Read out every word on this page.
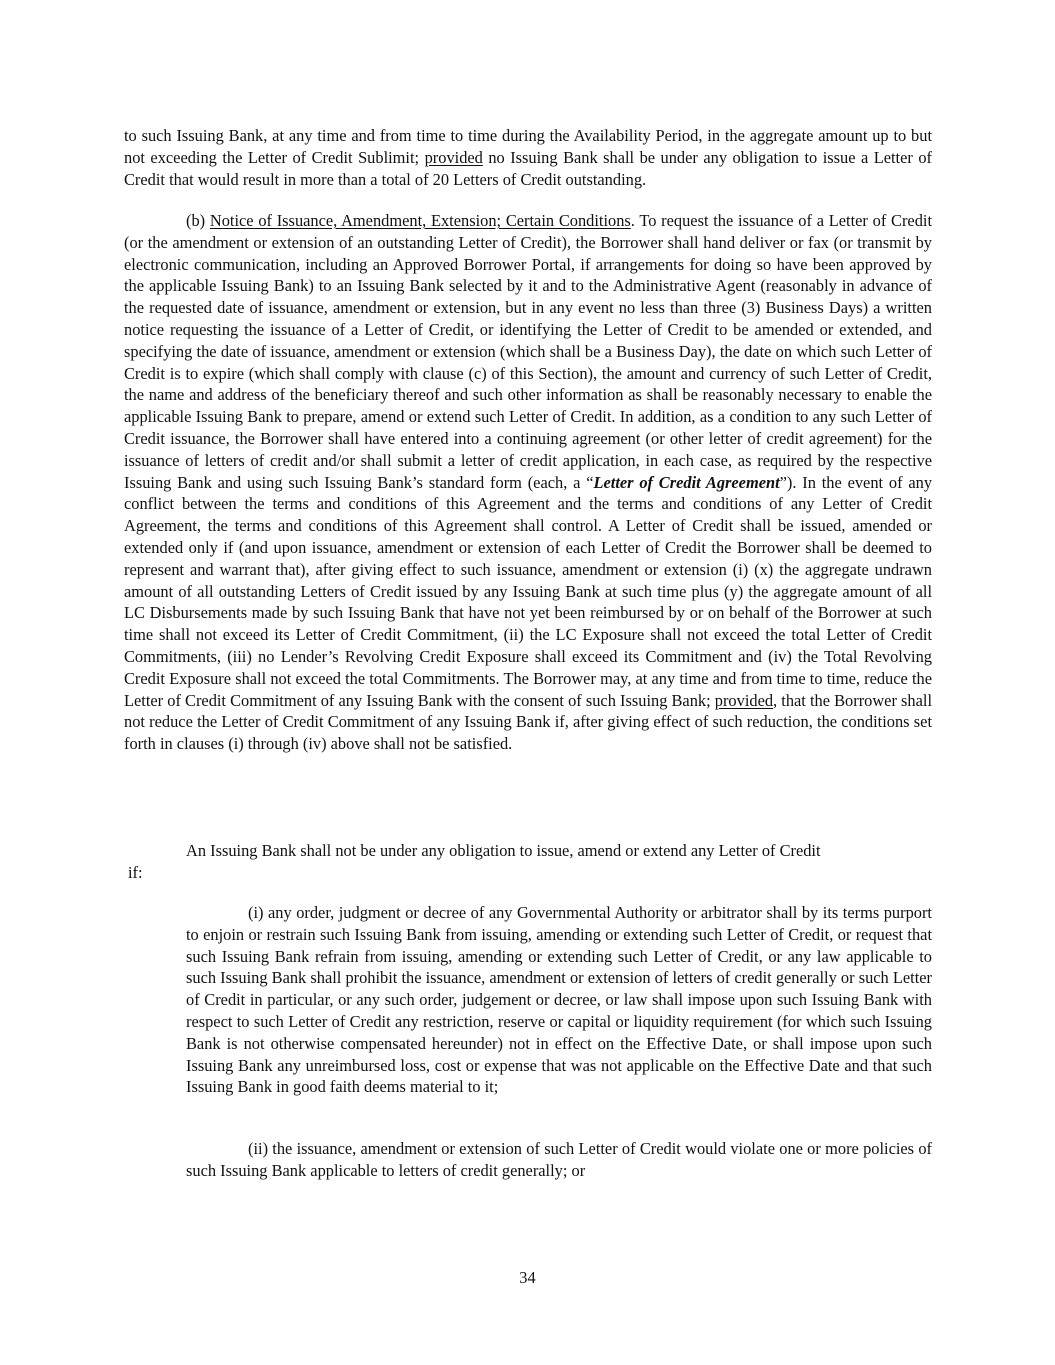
to such Issuing Bank, at any time and from time to time during the Availability Period, in the aggregate amount up to but not exceeding the Letter of Credit Sublimit; provided no Issuing Bank shall be under any obligation to issue a Letter of Credit that would result in more than a total of 20 Letters of Credit outstanding.

(b) Notice of Issuance, Amendment, Extension; Certain Conditions. To request the issuance of a Letter of Credit (or the amendment or extension of an outstanding Letter of Credit), the Borrower shall hand deliver or fax (or transmit by electronic communication, including an Approved Borrower Portal, if arrangements for doing so have been approved by the applicable Issuing Bank) to an Issuing Bank selected by it and to the Administrative Agent (reasonably in advance of the requested date of issuance, amendment or extension, but in any event no less than three (3) Business Days) a written notice requesting the issuance of a Letter of Credit, or identifying the Letter of Credit to be amended or extended, and specifying the date of issuance, amendment or extension (which shall be a Business Day), the date on which such Letter of Credit is to expire (which shall comply with clause (c) of this Section), the amount and currency of such Letter of Credit, the name and address of the beneficiary thereof and such other information as shall be reasonably necessary to enable the applicable Issuing Bank to prepare, amend or extend such Letter of Credit. In addition, as a condition to any such Letter of Credit issuance, the Borrower shall have entered into a continuing agreement (or other letter of credit agreement) for the issuance of letters of credit and/or shall submit a letter of credit application, in each case, as required by the respective Issuing Bank and using such Issuing Bank’s standard form (each, a “Letter of Credit Agreement”). In the event of any conflict between the terms and conditions of this Agreement and the terms and conditions of any Letter of Credit Agreement, the terms and conditions of this Agreement shall control. A Letter of Credit shall be issued, amended or extended only if (and upon issuance, amendment or extension of each Letter of Credit the Borrower shall be deemed to represent and warrant that), after giving effect to such issuance, amendment or extension (i) (x) the aggregate undrawn amount of all outstanding Letters of Credit issued by any Issuing Bank at such time plus (y) the aggregate amount of all LC Disbursements made by such Issuing Bank that have not yet been reimbursed by or on behalf of the Borrower at such time shall not exceed its Letter of Credit Commitment, (ii) the LC Exposure shall not exceed the total Letter of Credit Commitments, (iii) no Lender’s Revolving Credit Exposure shall exceed its Commitment and (iv) the Total Revolving Credit Exposure shall not exceed the total Commitments. The Borrower may, at any time and from time to time, reduce the Letter of Credit Commitment of any Issuing Bank with the consent of such Issuing Bank; provided, that the Borrower shall not reduce the Letter of Credit Commitment of any Issuing Bank if, after giving effect of such reduction, the conditions set forth in clauses (i) through (iv) above shall not be satisfied.

An Issuing Bank shall not be under any obligation to issue, amend or extend any Letter of Credit

if:

(i) any order, judgment or decree of any Governmental Authority or arbitrator shall by its terms purport to enjoin or restrain such Issuing Bank from issuing, amending or extending such Letter of Credit, or request that such Issuing Bank refrain from issuing, amending or extending such Letter of Credit, or any law applicable to such Issuing Bank shall prohibit the issuance, amendment or extension of letters of credit generally or such Letter of Credit in particular, or any such order, judgement or decree, or law shall impose upon such Issuing Bank with respect to such Letter of Credit any restriction, reserve or capital or liquidity requirement (for which such Issuing Bank is not otherwise compensated hereunder) not in effect on the Effective Date, or shall impose upon such Issuing Bank any unreimbursed loss, cost or expense that was not applicable on the Effective Date and that such Issuing Bank in good faith deems material to it;

(ii) the issuance, amendment or extension of such Letter of Credit would violate one or more policies of such Issuing Bank applicable to letters of credit generally; or

34
